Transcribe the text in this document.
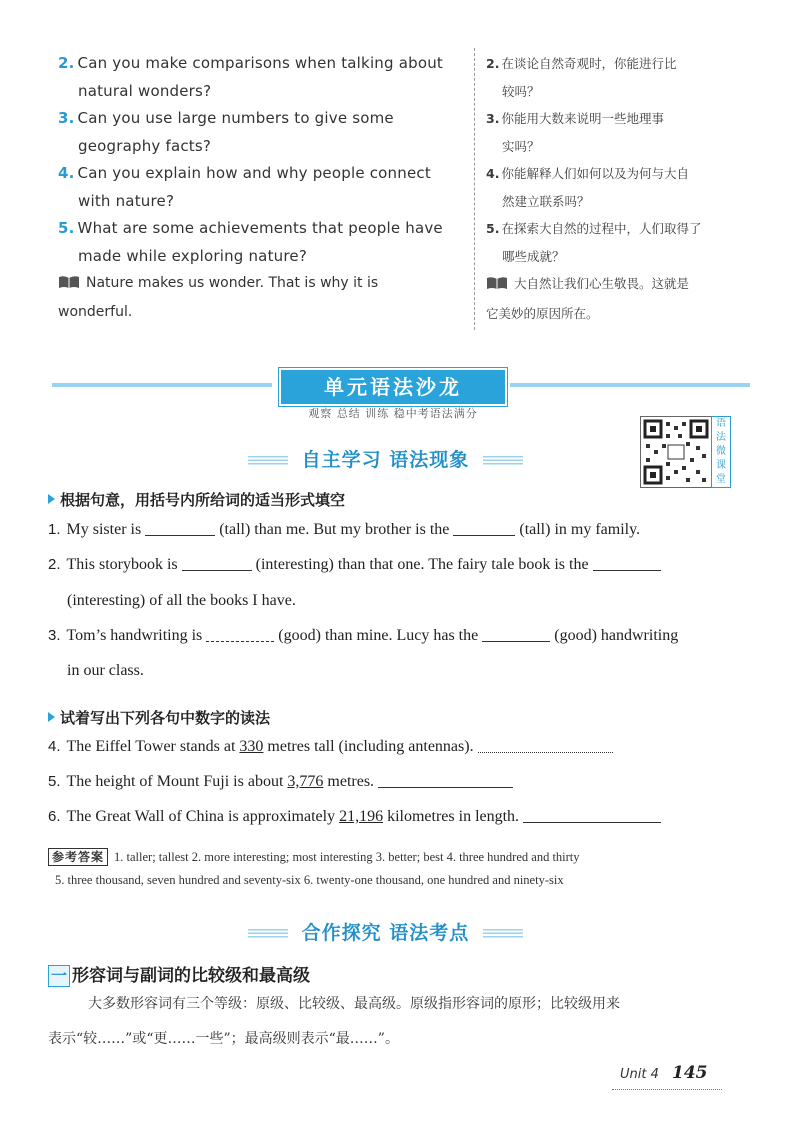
2. Can you make comparisons when talking about
natural wonders?

3. Can you use large numbers to give some
geography facts?

4. Can you explain how and why people connect
with nature?

5. What are some achievements that people have
made while exploring nature?

Nature makes us wonder. That is why it is
wonderful.

2. 在谈论自然奇观时，你能进行比
较吗？

3. 你能用大数来说明一些地理事
实吗？

4. 你能解释人们如何以及为何与大自
然建立联系吗？

5. 在探索大自然的过程中，人们取得了
哪些成就？

大自然让我们心生敬畏。这就是
它美妙的原因所在。

单元语法沙龙
观察 总结 训练 稳中考语法满分
语
法
微
课
堂
自主学习 语法现象
根据句意，用括号内所给词的适当形式填空
1. My sister is	(tall) than me. But my brother is the	(tall) in my family.
2. This storybook is	(interesting) than that one. The fairy tale book is the
(interesting) of all the books I have.
3. Tom’s handwriting is	(good) than mine. Lucy has the	(good) handwriting
in our class.
试着写出下列各句中数字的读法
4. The Eiffel Tower stands at 330 metres tall (including antennas).
5. The height of Mount Fuji is about 3,776 metres.
6. The Great Wall of China is approximately 21,196 kilometres in length.
参考答案 1. taller; tallest 2. more interesting; most interesting 3. better; best 4. three hundred and thirty
5. three thousand, seven hundred and seventy-six 6. twenty-one thousand, one hundred and ninety-six
合作探究 语法考点
一 形容词与副词的比较级和最高级
大多数形容词有三个等级：原级、比较级、最高级。原级指形容词的原形；比较级用来
表示“较……”或“更……一些”；最高级则表示“最……”。
Unit 4 145
